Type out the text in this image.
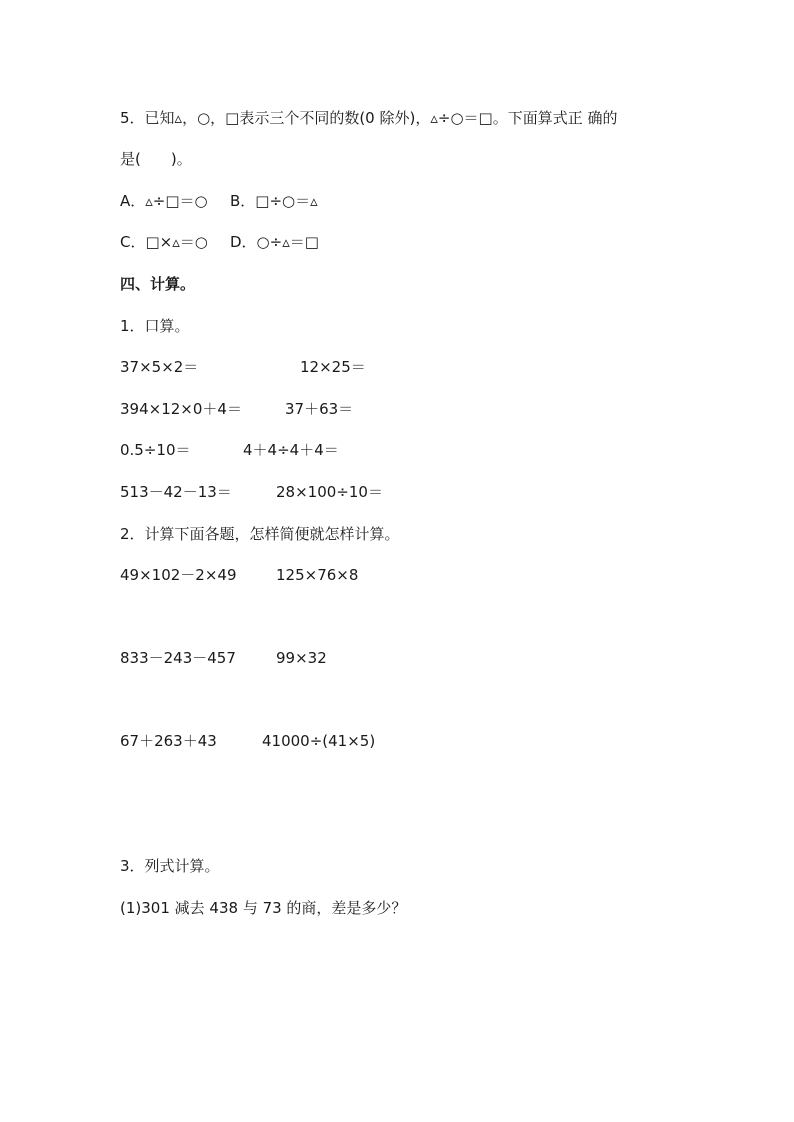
5．已知▵，○，□表示三个不同的数(0 除外)，▵÷○＝□。下面算式正 确的
是(　　)。
A．▵÷□＝○ B．□÷○＝▵
C．□×▵＝○ D．○÷▵＝□
四、计算。
1．口算。
37×5×2＝	12×25＝
394×12×0＋4＝	37＋63＝
0.5÷10＝	4＋4÷4＋4＝
513－42－13＝	28×100÷10＝
2．计算下面各题，怎样简便就怎样计算。
49×102－2×49	125×76×8
833－243－457	99×32
67＋263＋43	41000÷(41×5)
3．列式计算。
(1)301 减去 438 与 73 的商，差是多少？
